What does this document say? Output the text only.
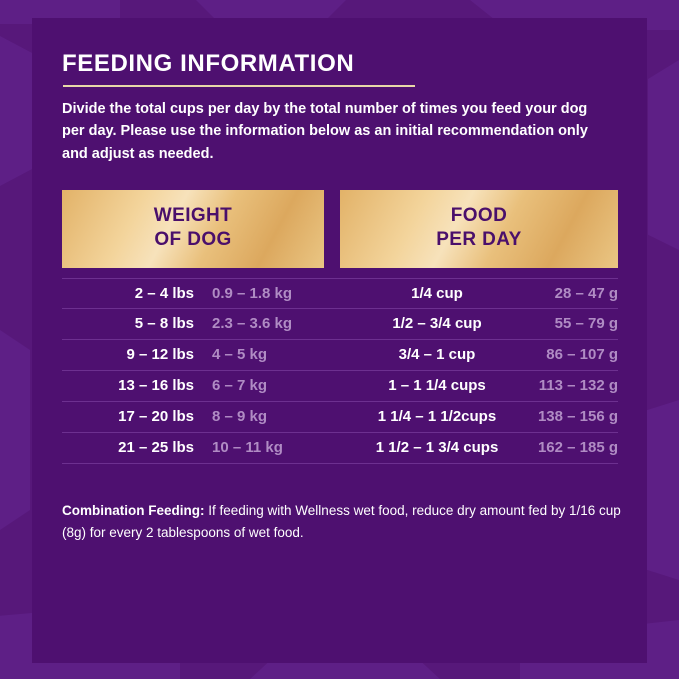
FEEDING INFORMATION
Divide the total cups per day by the total number of times you feed your dog per day. Please use the information below as an initial recommendation only and adjust as needed.
WEIGHT
OF DOG
FOOD
PER DAY
2 – 4 lbs	0.9 – 1.8 kg	1/4 cup	28 – 47 g
5 – 8 lbs	2.3 – 3.6 kg	1/2 – 3/4 cup	55 – 79 g
9 – 12 lbs	4 – 5 kg	3/4 – 1 cup	86 – 107 g
13 – 16 lbs	6 – 7 kg	1 – 1 1/4 cups	113 – 132 g
17 – 20 lbs	8 – 9 kg	1 1/4 – 1 1/2cups	138 – 156 g
21 – 25 lbs	10 – 11 kg	1 1/2 – 1 3/4 cups	162 – 185 g
Combination Feeding: If feeding with Wellness wet food, reduce dry amount fed by 1/16 cup (8g) for every 2 tablespoons of wet food.
